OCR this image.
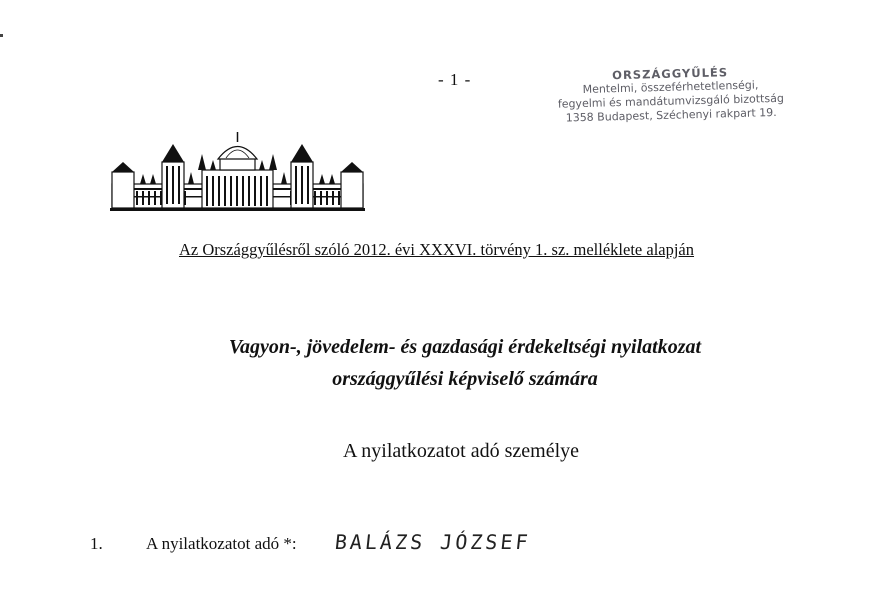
- 1 -	ORSZÁGGYŰLÉS
Mentelmi, összeférhetetlenségi,
fegyelmi és mandátumvizsgáló bizottság
1358 Budapest, Széchenyi rakpart 19.
Az Országgyűlésről szóló 2012. évi XXXVI. törvény 1. sz. melléklete alapján
Vagyon-, jövedelem- és gazdasági érdekeltségi nyilatkozat
országgyűlési képviselő számára
A nyilatkozatot adó személye
1.	A nyilatkozatot adó *: BALÁZS JÓZSEF
